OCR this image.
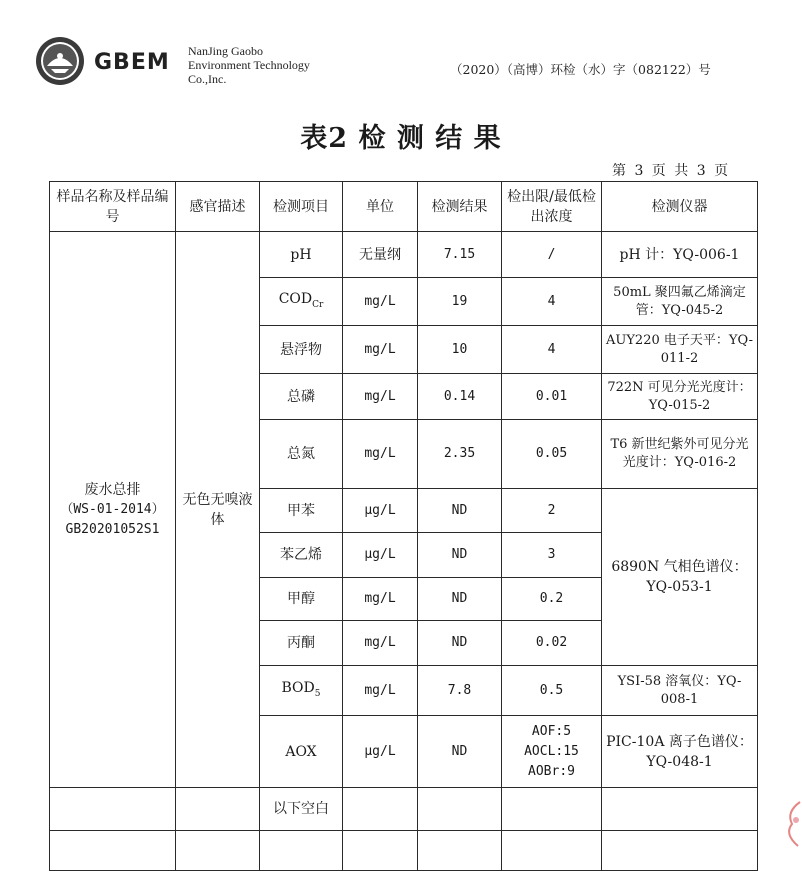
GBEM NanJing Gaobo
Environment Technology
Co.,Inc.
（2020）（高博）环检（水）字（082122）号
表2 检 测 结 果
第 3 页 共 3 页
样品名称及样品编号	感官描述	检测项目	单位	检测结果	检出限/最低检出浓度	检测仪器

废水总排
（WS-01-2014）
GB20201052S1	无色无嗅液体	pH	无量纲	7.15	/	pH 计：YQ-006-1
		$COD_{Cr}$	mg/L	19	4	50mL 聚四氟乙烯滴定管：YQ-045-2
		悬浮物	mg/L	10	4	AUY220 电子天平：YQ-011-2
		总磷	mg/L	0.14	0.01	722N 可见分光光度计：YQ-015-2
		总氮	mg/L	2.35	0.05	T6 新世纪紫外可见分光光度计：YQ-016-2
		甲苯	μg/L	ND	2	6890N 气相色谱仪：YQ-053-1
		苯乙烯	μg/L	ND	3	
		甲醇	mg/L	ND	0.2	
		丙酮	mg/L	ND	0.02	
		$BOD_5$	mg/L	7.8	0.5	YSI-58 溶氧仪：YQ-008-1
		AOX	μg/L	ND	AOF:5
AOCL:15
AOBr:9	PIC-10A 离子色谱仪：YQ-048-1
		以下空白				
